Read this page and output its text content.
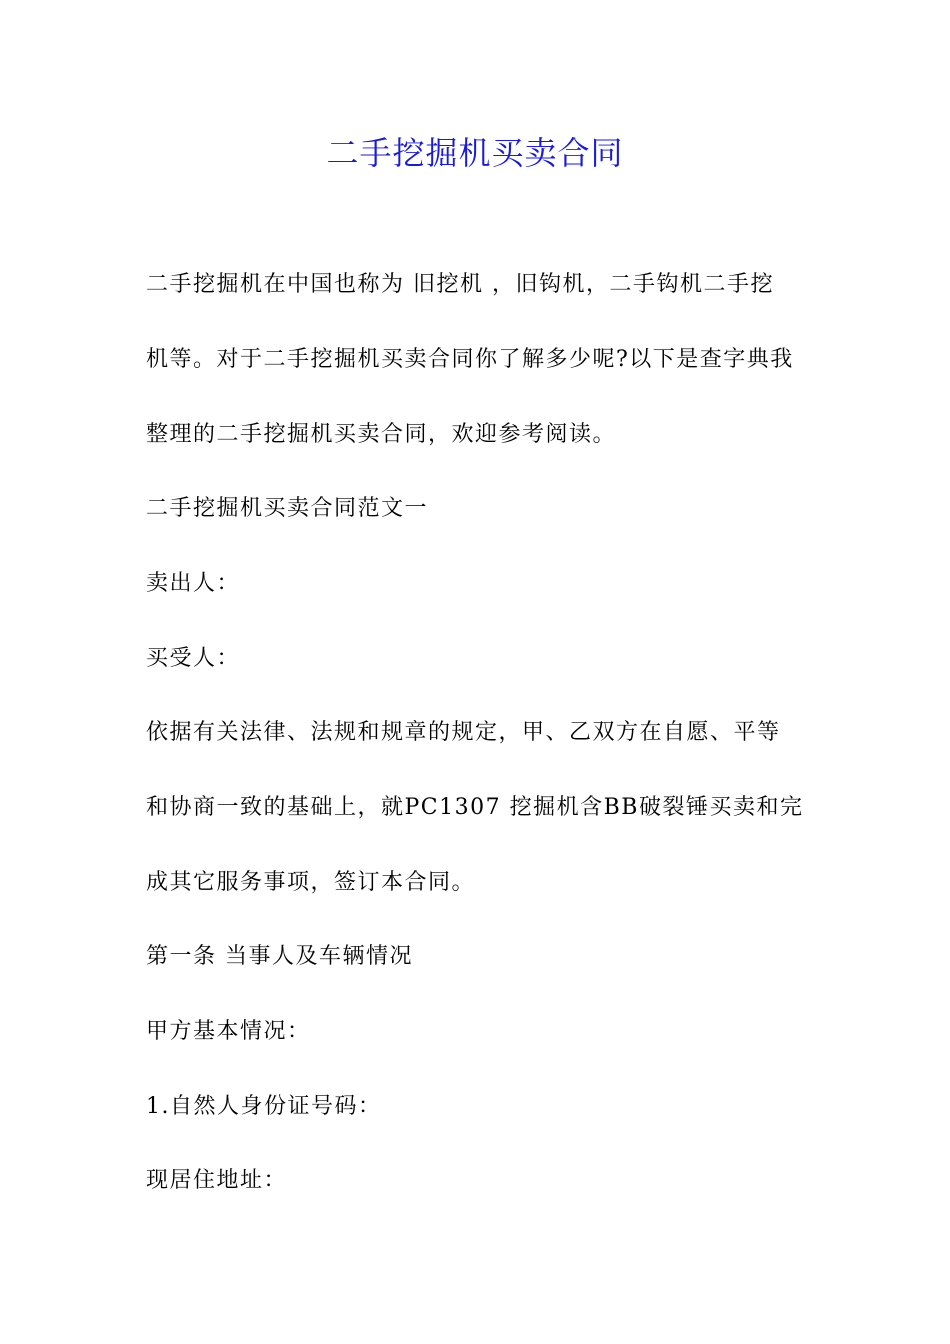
二手挖掘机买卖合同
二手挖掘机在中国也称为 旧挖机 ，旧钩机，二手钩机二手挖
机等。对于二手挖掘机买卖合同你了解多少呢?以下是查字典我
整理的二手挖掘机买卖合同，欢迎参考阅读。
二手挖掘机买卖合同范文一
卖出人：
买受人：
依据有关法律、法规和规章的规定，甲、乙双方在自愿、平等
和协商一致的基础上，就PC1307 挖掘机含BB破裂锤买卖和完
成其它服务事项，签订本合同。
第一条 当事人及车辆情况
甲方基本情况：
1.自然人身份证号码：
现居住地址：
